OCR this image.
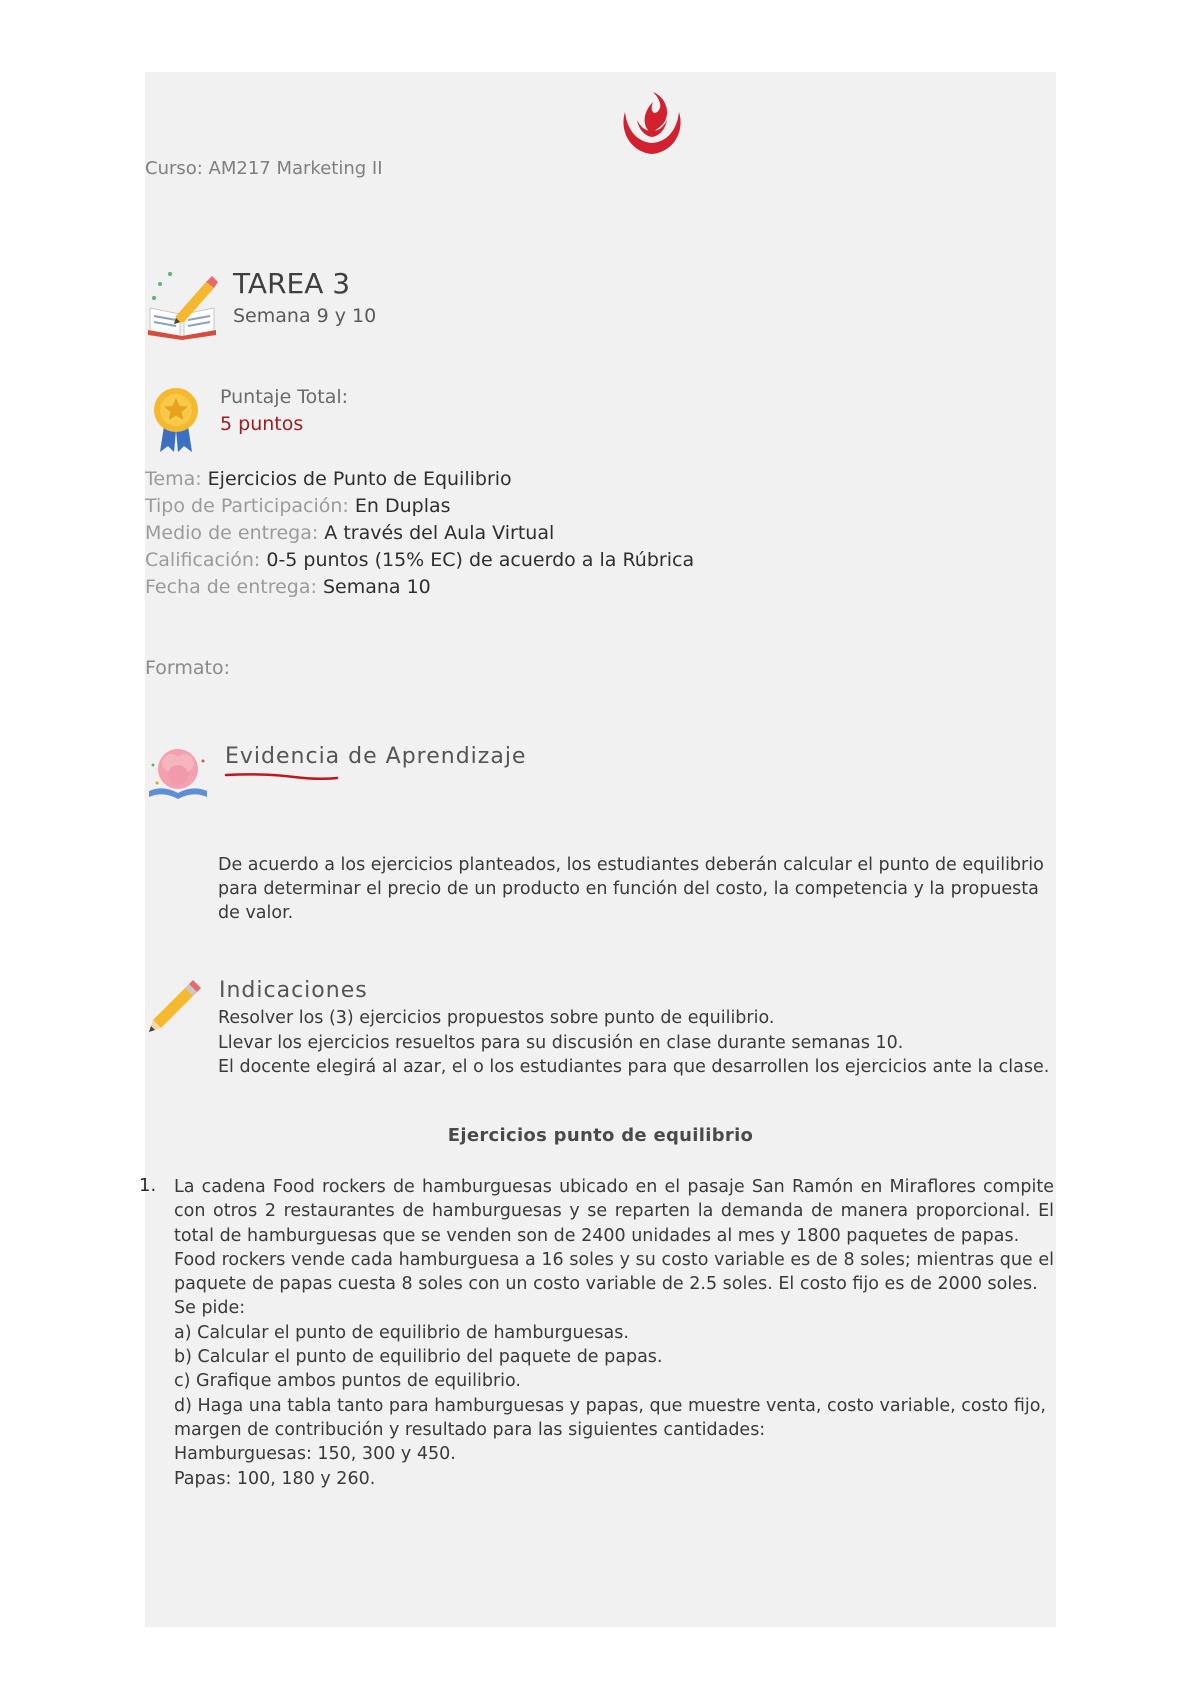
Curso: AM217 Marketing II
TAREA 3
Semana 9 y 10
Puntaje Total:
5 puntos
Tema: Ejercicios de Punto de Equilibrio
Tipo de Participación: En Duplas
Medio de entrega: A través del Aula Virtual
Calificación: 0-5 puntos (15% EC) de acuerdo a la Rúbrica
Fecha de entrega: Semana 10
Formato:
Evidencia de Aprendizaje
De acuerdo a los ejercicios planteados, los estudiantes deberán calcular el punto de equilibrio para determinar el precio de un producto en función del costo, la competencia y la propuesta de valor.
Indicaciones
Resolver los (3) ejercicios propuestos sobre punto de equilibrio.
Llevar los ejercicios resueltos para su discusión en clase durante semanas 10.
El docente elegirá al azar, el o los estudiantes para que desarrollen los ejercicios ante la clase.
Ejercicios punto de equilibrio
1. La cadena Food rockers de hamburguesas ubicado en el pasaje San Ramón en Miraflores compite con otros 2 restaurantes de hamburguesas y se reparten la demanda de manera proporcional. El total de hamburguesas que se venden son de 2400 unidades al mes y 1800 paquetes de papas.
Food rockers vende cada hamburguesa a 16 soles y su costo variable es de 8 soles; mientras que el paquete de papas cuesta 8 soles con un costo variable de 2.5 soles. El costo fijo es de 2000 soles.
Se pide:
a) Calcular el punto de equilibrio de hamburguesas.
b) Calcular el punto de equilibrio del paquete de papas.
c) Grafique ambos puntos de equilibrio.
d) Haga una tabla tanto para hamburguesas y papas, que muestre venta, costo variable, costo fijo, margen de contribución y resultado para las siguientes cantidades:
Hamburguesas: 150, 300 y 450.
Papas: 100, 180 y 260.
